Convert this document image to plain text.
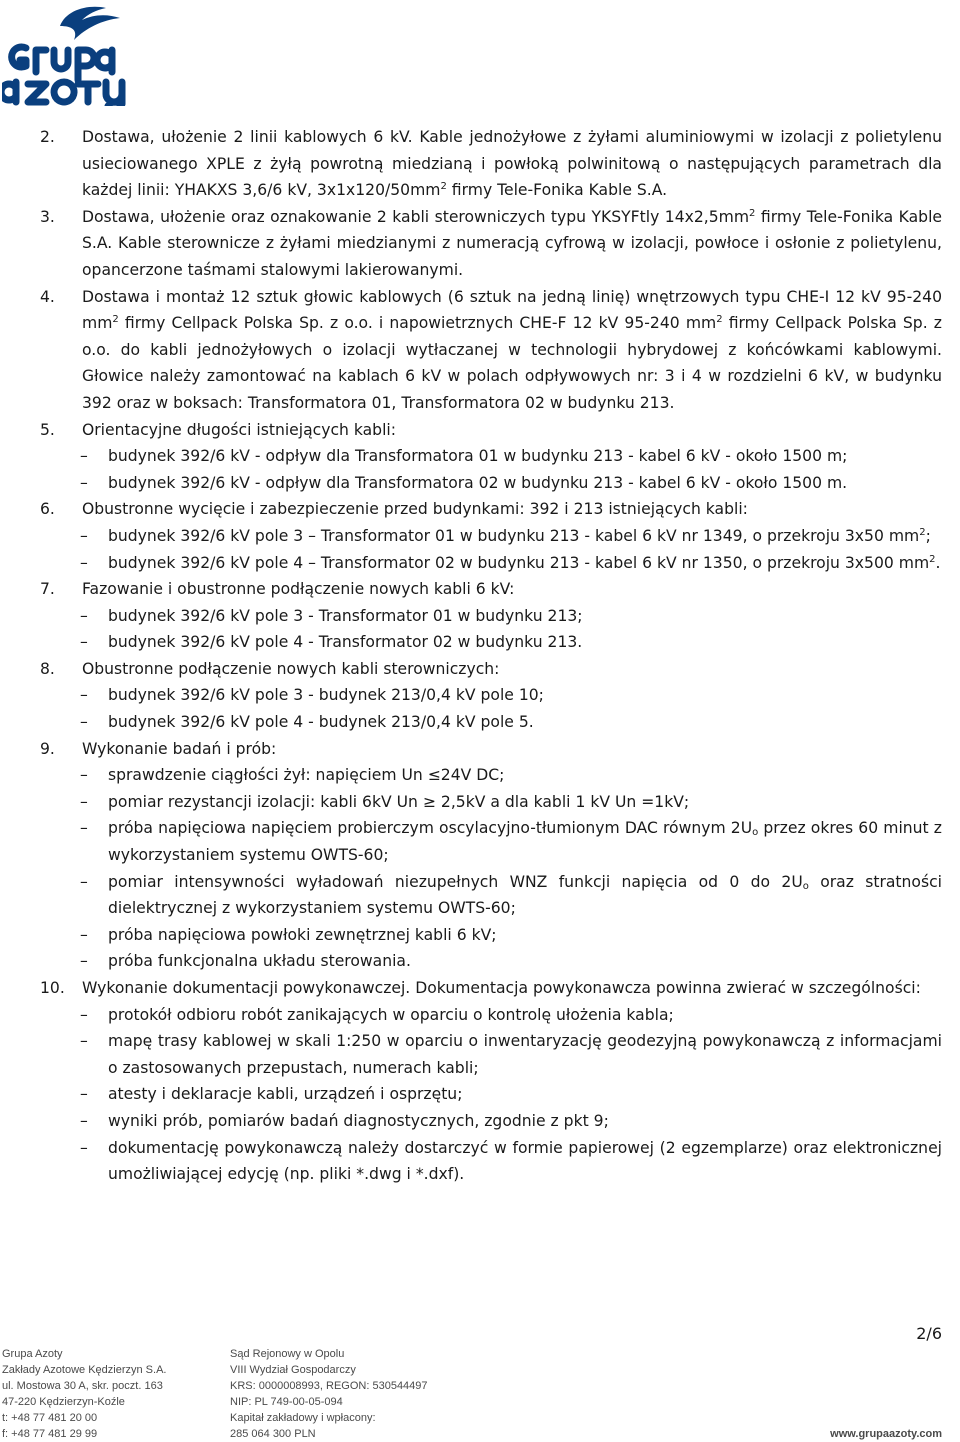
2. Dostawa, ułożenie 2 linii kablowych 6 kV. Kable jednożyłowe z żyłami aluminiowymi w izolacji z polietylenu usieciowanego XPLE z żyłą powrotną miedzianą i powłoką polwinitową o następujących parametrach dla każdej linii: YHAKXS 3,6/6 kV, $3x1x120/50mm^2$ firmy Tele-Fonika Kable S.A.
3. Dostawa, ułożenie oraz oznakowanie 2 kabli sterowniczych typu YKSYFtly $14x2,5mm^2$ firmy Tele-Fonika Kable S.A. Kable sterownicze z żyłami miedzianymi z numeracją cyfrową w izolacji, powłoce i osłonie z polietylenu, opancerzone taśmami stalowymi lakierowanymi.
4. Dostawa i montaż 12 sztuk głowic kablowych (6 sztuk na jedną linię) wnętrzowych typu CHE-I 12 kV 95-240 $mm^2$ firmy Cellpack Polska Sp. z o.o. i napowietrznych CHE-F 12 kV 95-240 $mm^2$ firmy Cellpack Polska Sp. z o.o. do kabli jednożyłowych o izolacji wytłaczanej w technologii hybrydowej z końcówkami kablowymi. Głowice należy zamontować na kablach 6 kV w polach odpływowych nr: 3 i 4 w rozdzielni 6 kV, w budynku 392 oraz w boksach: Transformatora 01, Transformatora 02 w budynku 213.
5. Orientacyjne długości istniejących kabli:
– budynek 392/6 kV - odpływ dla Transformatora 01 w budynku 213 - kabel 6 kV - około 1500 m;
– budynek 392/6 kV - odpływ dla Transformatora 02 w budynku 213 - kabel 6 kV - około 1500 m.
6. Obustronne wycięcie i zabezpieczenie przed budynkami: 392 i 213 istniejących kabli:
– budynek 392/6 kV pole 3 – Transformator 01 w budynku 213 - kabel 6 kV nr 1349, o przekroju 3x50 $mm^2$;
– budynek 392/6 kV pole 4 – Transformator 02 w budynku 213 - kabel 6 kV nr 1350, o przekroju 3x500 $mm^2$.
7. Fazowanie i obustronne podłączenie nowych kabli 6 kV:
– budynek 392/6 kV pole 3 - Transformator 01 w budynku 213;
– budynek 392/6 kV pole 4 - Transformator 02 w budynku 213.
8. Obustronne podłączenie nowych kabli sterowniczych:
– budynek 392/6 kV pole 3 - budynek 213/0,4 kV pole 10;
– budynek 392/6 kV pole 4 - budynek 213/0,4 kV pole 5.
9. Wykonanie badań i prób:
– sprawdzenie ciągłości żył: napięciem Un ≤24V DC;
– pomiar rezystancji izolacji: kabli 6kV Un ≥ 2,5kV a dla kabli 1 kV Un =1kV;
– próba napięciowa napięciem probierczym oscylacyjno-tłumionym DAC równym $2U_o$ przez okres 60 minut z wykorzystaniem systemu OWTS-60;
– pomiar intensywności wyładowań niezupełnych WNZ funkcji napięcia od 0 do $2U_o$ oraz stratności dielektrycznej z wykorzystaniem systemu OWTS-60;
– próba napięciowa powłoki zewnętrznej kabli 6 kV;
– próba funkcjonalna układu sterowania.
10. Wykonanie dokumentacji powykonawczej. Dokumentacja powykonawcza powinna zwierać w szczególności:
– protokół odbioru robót zanikających w oparciu o kontrolę ułożenia kabla;
– mapę trasy kablowej w skali 1:250 w oparciu o inwentaryzację geodezyjną powykonawczą z informacjami o zastosowanych przepustach, numerach kabli;
– atesty i deklaracje kabli, urządzeń i osprzętu;
– wyniki prób, pomiarów badań diagnostycznych, zgodnie z pkt 9;
– dokumentację powykonawczą należy dostarczyć w formie papierowej (2 egzemplarze) oraz elektronicznej umożliwiającej edycję (np. pliki *.dwg i *.dxf).
2/6
Grupa Azoty
Zakłady Azotowe Kędzierzyn S.A.
ul. Mostowa 30 A, skr. poczt. 163
47-220 Kędzierzyn-Koźle
t: +48 77 481 20 00
f: +48 77 481 29 99
Sąd Rejonowy w Opolu
VIII Wydział Gospodarczy
KRS: 0000008993, REGON: 530544497
NIP: PL 749-00-05-094
Kapitał zakładowy i wpłacony:
285 064 300 PLN	www.grupaazoty.com
